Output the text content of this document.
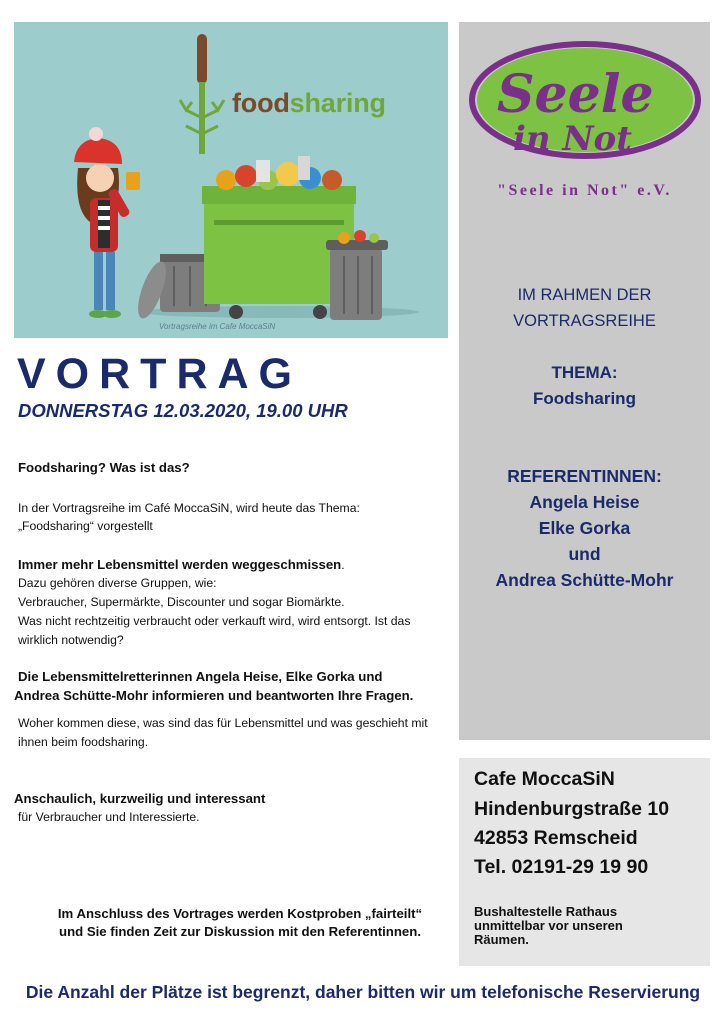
foodsharing
Vortragsreihe im Cafe MoccaSiN
Seele
in Not
"Seele in Not" e.V.
IM RAHMEN DER
VORTRAGSREIHE
THEMA:
Foodsharing
REFERENTINNEN:
Angela Heise
Elke Gorka
und
Andrea Schütte-Mohr
Cafe MoccaSiN
Hindenburgstraße 10
42853 Remscheid
Tel. 02191-29 19 90
Bushaltestelle Rathaus
unmittelbar vor unseren
Räumen.
VORTRAG
DONNERSTAG 12.03.2020, 19.00 UHR
Foodsharing? Was ist das?
In der Vortragsreihe im Café MoccaSiN, wird heute das Thema:
„Foodsharing“ vorgestellt
Immer mehr Lebensmittel werden weggeschmissen.
Dazu gehören diverse Gruppen, wie:
Verbraucher, Supermärkte, Discounter und sogar Biomärkte.
Was nicht rechtzeitig verbraucht oder verkauft wird, wird entsorgt. Ist das
wirklich notwendig?
Die Lebensmittelretterinnen Angela Heise, Elke Gorka und
Andrea Schütte-Mohr informieren und beantworten Ihre Fragen.
Woher kommen diese, was sind das für Lebensmittel und was geschieht mit
ihnen beim foodsharing.
Anschaulich, kurzweilig und interessant
für Verbraucher und Interessierte.
Im Anschluss des Vortrages werden Kostproben „fairteilt“
und Sie finden Zeit zur Diskussion mit den Referentinnen.
Die Anzahl der Plätze ist begrenzt, daher bitten wir um telefonische Reservierung
